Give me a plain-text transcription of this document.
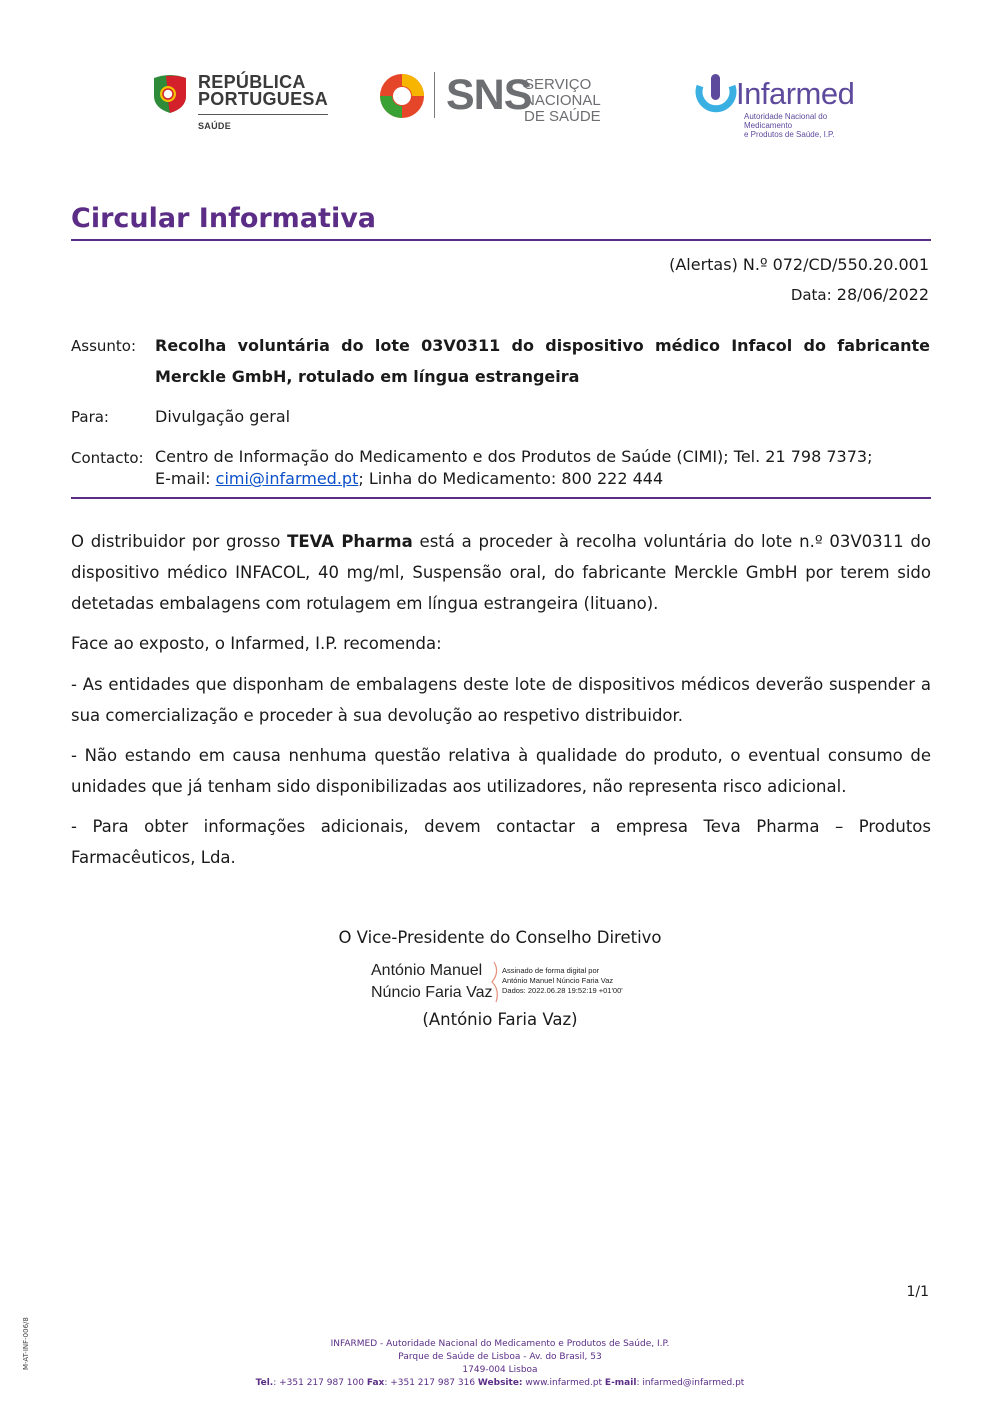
REPÚBLICA
PORTUGUESA
SAÚDE
SNS
SERVIÇO NACIONAL
DE SAÚDE
Infarmed
Autoridade Nacional do Medicamento
e Produtos de Saúde, I.P.
Circular Informativa
(Alertas) N.º 072/CD/550.20.001
Data: 28/06/2022
Assunto: Recolha voluntária do lote 03V0311 do dispositivo médico Infacol do fabricante Merckle GmbH, rotulado em língua estrangeira
Para:	Divulgação geral
Contacto: Centro de Informação do Medicamento e dos Produtos de Saúde (CIMI); Tel. 21 798 7373;
E-mail: cimi@infarmed.pt; Linha do Medicamento: 800 222 444
O distribuidor por grosso TEVA Pharma está a proceder à recolha voluntária do lote n.º 03V0311 do dispositivo médico INFACOL, 40 mg/ml, Suspensão oral, do fabricante Merckle GmbH por terem sido detetadas embalagens com rotulagem em língua estrangeira (lituano).
Face ao exposto, o Infarmed, I.P. recomenda:
- As entidades que disponham de embalagens deste lote de dispositivos médicos deverão suspender a sua comercialização e proceder à sua devolução ao respetivo distribuidor.
- Não estando em causa nenhuma questão relativa à qualidade do produto, o eventual consumo de unidades que já tenham sido disponibilizadas aos utilizadores, não representa risco adicional.
- Para obter informações adicionais, devem contactar a empresa Teva Pharma – Produtos Farmacêuticos, Lda.
O Vice-Presidente do Conselho Diretivo
António Manuel
Núncio Faria Vaz
Assinado de forma digital por
António Manuel Núncio Faria Vaz
Dados: 2022.06.28 19:52:19 +01'00'
(António Faria Vaz)
1/1
M-AT-INF-006/8	INFARMED - Autoridade Nacional do Medicamento e Produtos de Saúde, I.P.
Parque de Saúde de Lisboa - Av. do Brasil, 53
1749-004 Lisboa
Tel.: +351 217 987 100 Fax: +351 217 987 316 Website: www.infarmed.pt E-mail: infarmed@infarmed.pt
